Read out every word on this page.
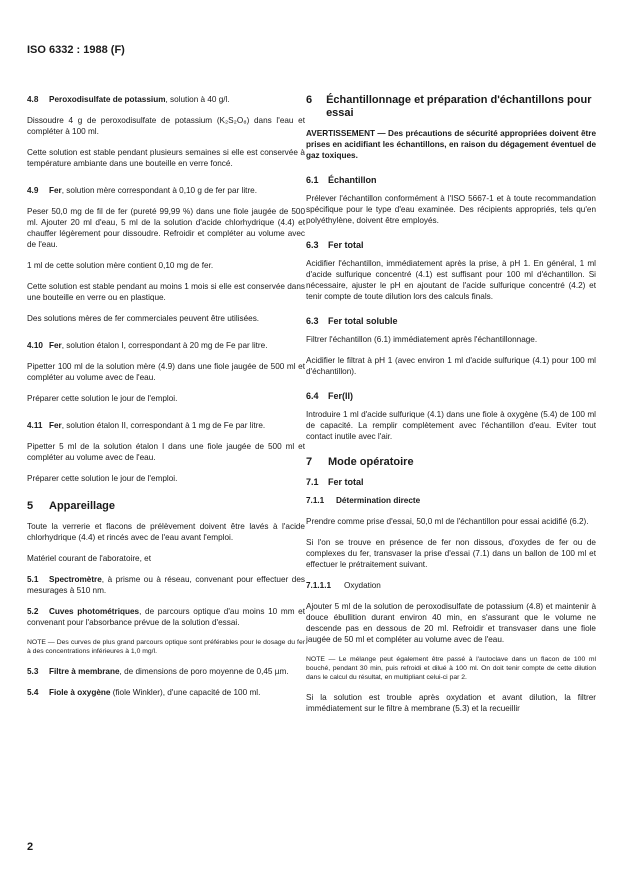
ISO 6332 : 1988 (F)

4.8 Peroxodisulfate de potassium, solution à 40 g/l.

Dissoudre 4 g de peroxodisulfate de potassium (K₂S₂O₈) dans l'eau et compléter à 100 ml.

Cette solution est stable pendant plusieurs semaines si elle est conservée à température ambiante dans une bouteille en verre foncé.

4.9 Fer, solution mère correspondant à 0,10 g de fer par litre.

Peser 50,0 mg de fil de fer (pureté 99,99 %) dans une fiole jaugée de 500 ml. Ajouter 20 ml d'eau, 5 ml de la solution d'acide chlorhydrique (4.4) et chauffer légèrement pour dissoudre. Refroidir et compléter au volume avec de l'eau.

1 ml de cette solution mère contient 0,10 mg de fer.

Cette solution est stable pendant au moins 1 mois si elle est conservée dans une bouteille en verre ou en plastique.

Des solutions mères de fer commerciales peuvent être utilisées.

4.10 Fer, solution étalon I, correspondant à 20 mg de Fe par litre.

Pipetter 100 ml de la solution mère (4.9) dans une fiole jaugée de 500 ml et compléter au volume avec de l'eau.

Préparer cette solution le jour de l'emploi.

4.11 Fer, solution étalon II, correspondant à 1 mg de Fe par litre.

Pipetter 5 ml de la solution étalon I dans une fiole jaugée de 500 ml et compléter au volume avec de l'eau.

Préparer cette solution le jour de l'emploi.

5 Appareillage

Toute la verrerie et flacons de prélèvement doivent être lavés à l'acide chlorhydrique (4.4) et rincés avec de l'eau avant l'emploi.

Matériel courant de l'aboratoire, et

5.1 Spectromètre, à prisme ou à réseau, convenant pour effectuer des mesurages à 510 nm.

5.2 Cuves photométriques, de parcours optique d'au moins 10 mm et convenant pour l'absorbance prévue de la solution d'essai.

NOTE — Des curves de plus grand parcours optique sont préférables pour le dosage du fer à des concentrations inférieures à 1,0 mg/l.

5.3 Filtre à membrane, de dimensions de poro moyenne de 0,45 µm.

5.4 Fiole à oxygène (fiole Winkler), d'une capacité de 100 ml.

6	Échantillonnage et préparation d'échantillons pour essai

AVERTISSEMENT — Des précautions de sécurité appropriées doivent être prises en acidifiant les échantillons, en raison du dégagement éventuel de gaz toxiques.

6.1 Échantillon

Prélever l'échantillon conformément à l'ISO 5667-1 et à toute recommandation spécifique pour le type d'eau examinée. Des récipients appropriés, tels qu'en polyéthylène, doivent être employés.

6.3 Fer total

Acidifier l'échantillon, immédiatement après la prise, à pH 1. En général, 1 ml d'acide sulfurique concentré (4.1) est suffisant pour 100 ml d'échantillon. Si nécessaire, ajuster le pH en ajoutant de l'acide sulfurique concentré (4.2) et tenir compte de toute dilution lors des calculs finals.

6.3 Fer total soluble

Filtrer l'échantillon (6.1) immédiatement après l'échantillonnage.

Acidifier le filtrat à pH 1 (avec environ 1 ml d'acide sulfurique (4.1) pour 100 ml d'échantillon).

6.4 Fer(II)

Introduire 1 ml d'acide sulfurique (4.1) dans une fiole à oxygène (5.4) de 100 ml de capacité. La remplir complètement avec l'échantillon d'eau. Eviter tout contact inutile avec l'air.

7 Mode opératoire
7.1 Fer total

7.1.1 Détermination directe

Prendre comme prise d'essai, 50,0 ml de l'échantillon pour essai acidifié (6.2).

Si l'on se trouve en présence de fer non dissous, d'oxydes de fer ou de complexes du fer, transvaser la prise d'essai (7.1) dans un ballon de 100 ml et effectuer le prétraitement suivant.

7.1.1.1 Oxydation

Ajouter 5 ml de la solution de peroxodisulfate de potassium (4.8) et maintenir à douce ébullition durant environ 40 min, en s'assurant que le volume ne descende pas en dessous de 20 ml. Refroidir et transvaser dans une fiole jaugée de 50 ml et compléter au volume avec de l'eau.

NOTE — Le mélange peut également être passé à l'autoclave dans un flacon de 100 ml bouché, pendant 30 min, puis refroidi et dilué à 100 ml. On doit tenir compte de cette dilution dans le calcul du résultat, en multipliant celui-ci par 2.

Si la solution est trouble après oxydation et avant dilution, la filtrer immédiatement sur le filtre à membrane (5.3) et la recueillir

2
